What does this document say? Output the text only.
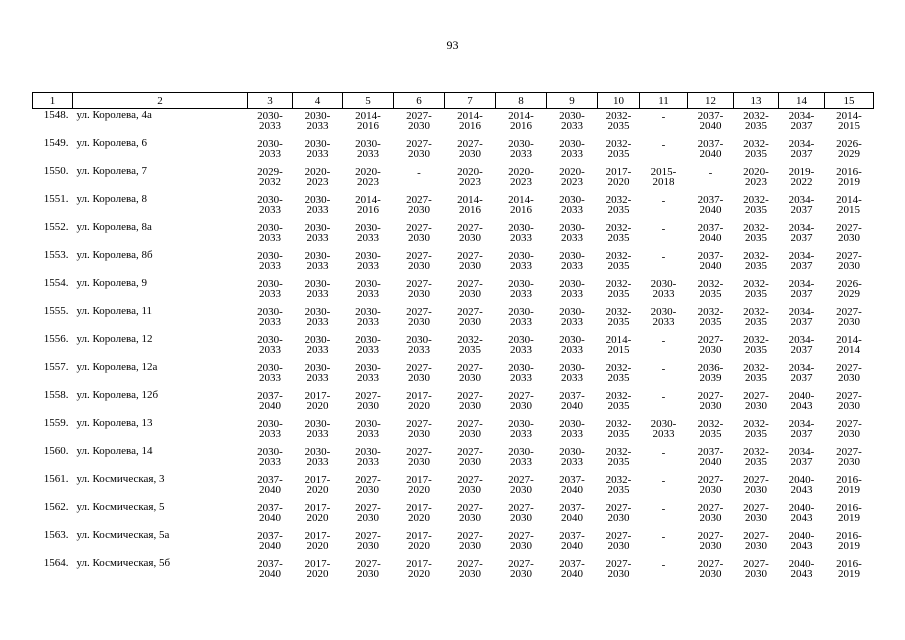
93
1	2	3	4	5	6	7	8	9	10	11	12	13	14	15
1548.	ул. Королева, 4а	2030-
2033	2030-
2033	2014-
2016	2027-
2030	2014-
2016	2014-
2016	2030-
2033	2032-
2035	-	2037-
2040	2032-
2035	2034-
2037	2014-
2015

1549.	ул. Королева, 6	2030-
2033	2030-
2033	2030-
2033	2027-
2030	2027-
2030	2030-
2033	2030-
2033	2032-
2035	-	2037-
2040	2032-
2035	2034-
2037	2026-
2029

1550.	ул. Королева, 7	2029-
2032	2020-
2023	2020-
2023	-	2020-
2023	2020-
2023	2020-
2023	2017-
2020	2015-
2018	-	2020-
2023	2019-
2022	2016-
2019

1551.	ул. Королева, 8	2030-
2033	2030-
2033	2014-
2016	2027-
2030	2014-
2016	2014-
2016	2030-
2033	2032-
2035	-	2037-
2040	2032-
2035	2034-
2037	2014-
2015

1552.	ул. Королева, 8а	2030-
2033	2030-
2033	2030-
2033	2027-
2030	2027-
2030	2030-
2033	2030-
2033	2032-
2035	-	2037-
2040	2032-
2035	2034-
2037	2027-
2030

1553.	ул. Королева, 8б	2030-
2033	2030-
2033	2030-
2033	2027-
2030	2027-
2030	2030-
2033	2030-
2033	2032-
2035	-	2037-
2040	2032-
2035	2034-
2037	2027-
2030

1554.	ул. Королева, 9	2030-
2033	2030-
2033	2030-
2033	2027-
2030	2027-
2030	2030-
2033	2030-
2033	2032-
2035	2030-
2033	2032-
2035	2032-
2035	2034-
2037	2026-
2029

1555.	ул. Королева, 11	2030-
2033	2030-
2033	2030-
2033	2027-
2030	2027-
2030	2030-
2033	2030-
2033	2032-
2035	2030-
2033	2032-
2035	2032-
2035	2034-
2037	2027-
2030

1556.	ул. Королева, 12	2030-
2033	2030-
2033	2030-
2033	2030-
2033	2032-
2035	2030-
2033	2030-
2033	2014-
2015	-	2027-
2030	2032-
2035	2034-
2037	2014-
2014

1557.	ул. Королева, 12а	2030-
2033	2030-
2033	2030-
2033	2027-
2030	2027-
2030	2030-
2033	2030-
2033	2032-
2035	-	2036-
2039	2032-
2035	2034-
2037	2027-
2030

1558.	ул. Королева, 12б	2037-
2040	2017-
2020	2027-
2030	2017-
2020	2027-
2030	2027-
2030	2037-
2040	2032-
2035	-	2027-
2030	2027-
2030	2040-
2043	2027-
2030

1559.	ул. Королева, 13	2030-
2033	2030-
2033	2030-
2033	2027-
2030	2027-
2030	2030-
2033	2030-
2033	2032-
2035	2030-
2033	2032-
2035	2032-
2035	2034-
2037	2027-
2030

1560.	ул. Королева, 14	2030-
2033	2030-
2033	2030-
2033	2027-
2030	2027-
2030	2030-
2033	2030-
2033	2032-
2035	-	2037-
2040	2032-
2035	2034-
2037	2027-
2030

1561.	ул. Космическая, 3	2037-
2040	2017-
2020	2027-
2030	2017-
2020	2027-
2030	2027-
2030	2037-
2040	2032-
2035	-	2027-
2030	2027-
2030	2040-
2043	2016-
2019

1562.	ул. Космическая, 5	2037-
2040	2017-
2020	2027-
2030	2017-
2020	2027-
2030	2027-
2030	2037-
2040	2027-
2030	-	2027-
2030	2027-
2030	2040-
2043	2016-
2019

1563.	ул. Космическая, 5а	2037-
2040	2017-
2020	2027-
2030	2017-
2020	2027-
2030	2027-
2030	2037-
2040	2027-
2030	-	2027-
2030	2027-
2030	2040-
2043	2016-
2019

1564.	ул. Космическая, 5б	2037-
2040	2017-
2020	2027-
2030	2017-
2020	2027-
2030	2027-
2030	2037-
2040	2027-
2030	-	2027-
2030	2027-
2030	2040-
2043	2016-
2019
